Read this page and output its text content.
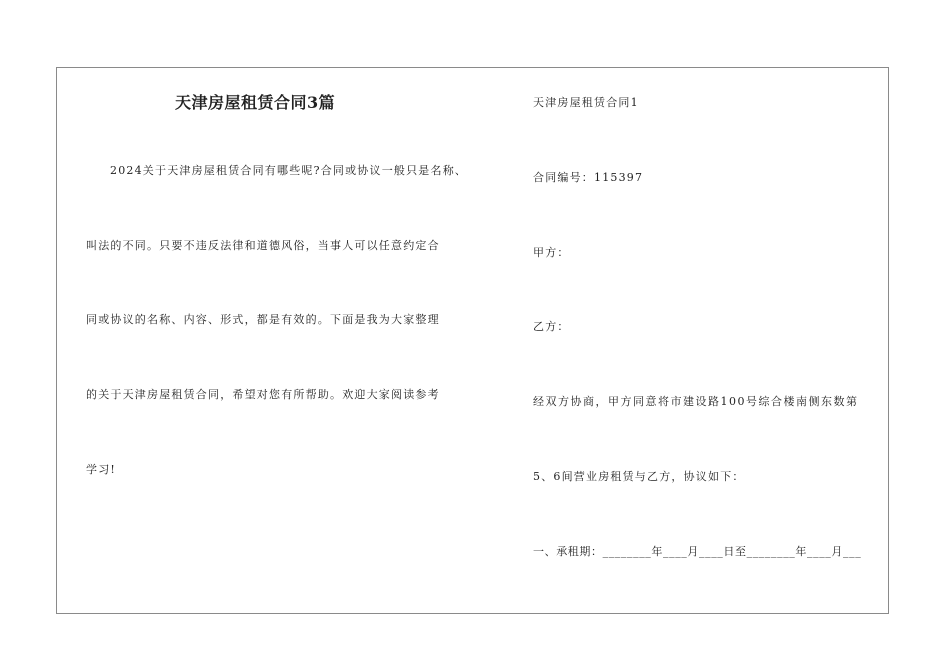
天津房屋租赁合同3篇
2024关于天津房屋租赁合同有哪些呢?合同或协议一般只是名称、
叫法的不同。只要不违反法律和道德风俗，当事人可以任意约定合
同或协议的名称、内容、形式，都是有效的。下面是我为大家整理
的关于天津房屋租赁合同，希望对您有所帮助。欢迎大家阅读参考
学习!
天津房屋租赁合同1
合同编号：115397
甲方：
乙方：
经双方协商，甲方同意将市建设路100号综合楼南侧东数第
5、6间营业房租赁与乙方，协议如下：
一、承租期：________年____月____日至________年____月___
